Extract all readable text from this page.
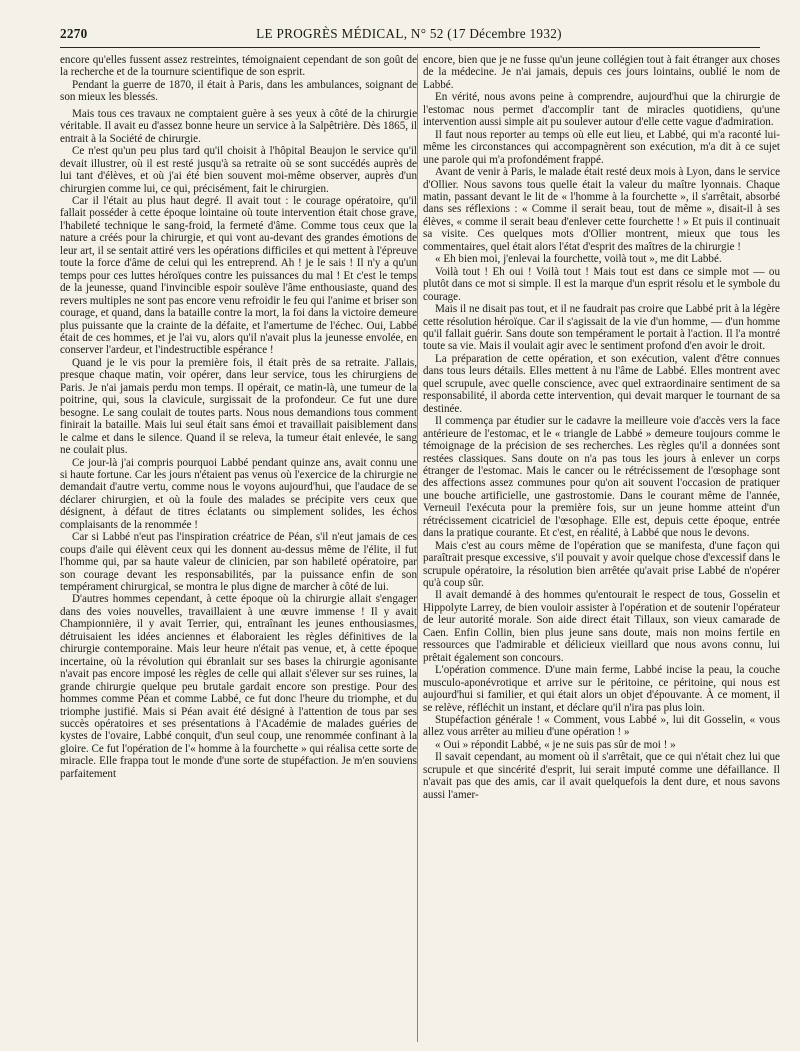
2270	LE PROGRÈS MÉDICAL, N° 52 (17 Décembre 1932)

encore qu'elles fussent assez restreintes, témoignaient cependant de son goût de la recherche et de la tournure scientifique de son esprit.

Pendant la guerre de 1870, il était à Paris, dans les ambulances, soignant de son mieux les blessés.

Mais tous ces travaux ne comptaient guère à ses yeux à côté de la chirurgie véritable. Il avait eu d'assez bonne heure un service à la Salpêtrière. Dès 1865, il entrait à la Société de chirurgie.

Ce n'est qu'un peu plus tard qu'il choisit à l'hôpital Beaujon le service qu'il devait illustrer, où il est resté jusqu'à sa retraite où se sont succédés auprès de lui tant d'élèves, et où j'ai été bien souvent moi-même observer, auprès d'un chirurgien comme lui, ce qui, précisément, fait le chirurgien.

Car il l'était au plus haut degré. Il avait tout : le courage opératoire, qu'il fallait posséder à cette époque lointaine où toute intervention était chose grave, l'habileté technique le sang-froid, la fermeté d'âme. Comme tous ceux que la nature a créés pour la chirurgie, et qui vont au-devant des grandes émotions de leur art, il se sentait attiré vers les opérations difficiles et qui mettent à l'épreuve toute la force d'âme de celui qui les entreprend. Ah ! je le sais ! Il n'y a qu'un temps pour ces luttes héroïques contre les puissances du mal ! Et c'est le temps de la jeunesse, quand l'invincible espoir soulève l'âme enthousiaste, quand des revers multiples ne sont pas encore venu refroidir le feu qui l'anime et briser son courage, et quand, dans la bataille contre la mort, la foi dans la victoire demeure plus puissante que la crainte de la défaite, et l'amertume de l'échec. Oui, Labbé était de ces hommes, et je l'ai vu, alors qu'il n'avait plus la jeunesse envolée, en conserver l'ardeur, et l'indestructible espérance !

Quand je le vis pour la première fois, il était près de sa retraite. J'allais, presque chaque matin, voir opérer, dans leur service, tous les chirurgiens de Paris. Je n'ai jamais perdu mon temps. Il opérait, ce matin-là, une tumeur de la poitrine, qui, sous la clavicule, surgissait de la profondeur. Ce fut une dure besogne. Le sang coulait de toutes parts. Nous nous demandions tous comment finirait la bataille. Mais lui seul était sans émoi et travaillait paisiblement dans le calme et dans le silence. Quand il se releva, la tumeur était enlevée, le sang ne coulait plus.

Ce jour-là j'ai compris pourquoi Labbé pendant quinze ans, avait connu une si haute fortune. Car les jours n'étaient pas venus où l'exercice de la chirurgie ne demandait d'autre vertu, comme nous le voyons aujourd'hui, que l'audace de se déclarer chirurgien, et où la foule des malades se précipite vers ceux que désignent, à défaut de titres éclatants ou simplement solides, les échos complaisants de la renommée !

Car si Labbé n'eut pas l'inspiration créatrice de Péan, s'il n'eut jamais de ces coups d'aile qui élèvent ceux qui les donnent au-dessus même de l'élite, il fut l'homme qui, par sa haute valeur de clinicien, par son habileté opératoire, par son courage devant les responsabilités, par la puissance enfin de son tempérament chirurgical, se montra le plus digne de marcher à côté de lui.

D'autres hommes cependant, à cette époque où la chirurgie allait s'engager dans des voies nouvelles, travaillaient à une œuvre immense ! Il y avait Championnière, il y avait Terrier, qui, entraînant les jeunes enthousiasmes, détruisaient les idées anciennes et élaboraient les règles définitives de la chirurgie contemporaine. Mais leur heure n'était pas venue, et, à cette époque incertaine, où la révolution qui ébranlait sur ses bases la chirurgie agonisante n'avait pas encore imposé les règles de celle qui allait s'élever sur ses ruines, la grande chirurgie quelque peu brutale gardait encore son prestige. Pour des hommes comme Péan et comme Labbé, ce fut donc l'heure du triomphe, et du triomphe justifié. Mais si Péan avait été désigné à l'attention de tous par ses succès opératoires et ses présentations à l'Académie de malades guéries de kystes de l'ovaire, Labbé conquit, d'un seul coup, une renommée confinant à la gloire. Ce fut l'opération de l'« homme à la fourchette » qui réalisa cette sorte de miracle. Elle frappa tout le monde d'une sorte de stupéfaction. Je m'en souviens parfaitement

encore, bien que je ne fusse qu'un jeune collégien tout à fait étranger aux choses de la médecine. Je n'ai jamais, depuis ces jours lointains, oublié le nom de Labbé.

En vérité, nous avons peine à comprendre, aujourd'hui que la chirurgie de l'estomac nous permet d'accomplir tant de miracles quotidiens, qu'une intervention aussi simple ait pu soulever autour d'elle cette vague d'admiration.

Il faut nous reporter au temps où elle eut lieu, et Labbé, qui m'a raconté lui-même les circonstances qui accompagnèrent son exécution, m'a dit à ce sujet une parole qui m'a profondément frappé.

Avant de venir à Paris, le malade était resté deux mois à Lyon, dans le service d'Ollier. Nous savons tous quelle était la valeur du maître lyonnais. Chaque matin, passant devant le lit de « l'homme à la fourchette », il s'arrêtait, absorbé dans ses réflexions : « Comme il serait beau, tout de même », disait-il à ses élèves, « comme il serait beau d'enlever cette fourchette ! » Et puis il continuait sa visite. Ces quelques mots d'Ollier montrent, mieux que tous les commentaires, quel était alors l'état d'esprit des maîtres de la chirurgie !

« Eh bien moi, j'enlevai la fourchette, voilà tout », me dit Labbé.

Voilà tout ! Eh oui ! Voilà tout ! Mais tout est dans ce simple mot — ou plutôt dans ce mot si simple. Il est la marque d'un esprit résolu et le symbole du courage.

Mais il ne disait pas tout, et il ne faudrait pas croire que Labbé prit à la légère cette résolution héroïque. Car il s'agissait de la vie d'un homme, — d'un homme qu'il fallait guérir. Sans doute son tempérament le portait à l'action. Il l'a montré toute sa vie. Mais il voulait agir avec le sentiment profond d'en avoir le droit.

La préparation de cette opération, et son exécution, valent d'être connues dans tous leurs détails. Elles mettent à nu l'âme de Labbé. Elles montrent avec quel scrupule, avec quelle conscience, avec quel extraordinaire sentiment de sa responsabilité, il aborda cette intervention, qui devait marquer le tournant de sa destinée.

Il commença par étudier sur le cadavre la meilleure voie d'accès vers la face antérieure de l'estomac, et le « triangle de Labbé » demeure toujours comme le témoignage de la précision de ses recherches. Les règles qu'il a données sont restées classiques. Sans doute on n'a pas tous les jours à enlever un corps étranger de l'estomac. Mais le cancer ou le rétrécissement de l'œsophage sont des affections assez communes pour qu'on ait souvent l'occasion de pratiquer une bouche artificielle, une gastrostomie. Dans le courant même de l'année, Verneuil l'exécuta pour la première fois, sur un jeune homme atteint d'un rétrécissement cicatriciel de l'œsophage. Elle est, depuis cette époque, entrée dans la pratique courante. Et c'est, en réalité, à Labbé que nous le devons.

Mais c'est au cours même de l'opération que se manifesta, d'une façon qui paraîtrait presque excessive, s'il pouvait y avoir quelque chose d'excessif dans le scrupule opératoire, la résolution bien arrêtée qu'avait prise Labbé de n'opérer qu'à coup sûr.

Il avait demandé à des hommes qu'entourait le respect de tous, Gosselin et Hippolyte Larrey, de bien vouloir assister à l'opération et de soutenir l'opérateur de leur autorité morale. Son aide direct était Tillaux, son vieux camarade de Caen. Enfin Collin, bien plus jeune sans doute, mais non moins fertile en ressources que l'admirable et délicieux vieillard que nous avons connu, lui prêtait également son concours.

L'opération commence. D'une main ferme, Labbé incise la peau, la couche musculo-aponévrotique et arrive sur le péritoine, ce péritoine, qui nous est aujourd'hui si familier, et qui était alors un objet d'épouvante. À ce moment, il se relève, réfléchit un instant, et déclare qu'il n'ira pas plus loin.

Stupéfaction générale ! « Comment, vous Labbé », lui dit Gosselin, « vous allez vous arrêter au milieu d'une opération ! »

« Oui » répondit Labbé, « je ne suis pas sûr de moi ! »

Il savait cependant, au moment où il s'arrêtait, que ce qui n'était chez lui que scrupule et que sincérité d'esprit, lui serait imputé comme une défaillance. Il n'avait pas que des amis, car il avait quelquefois la dent dure, et nous savons aussi l'amer-
